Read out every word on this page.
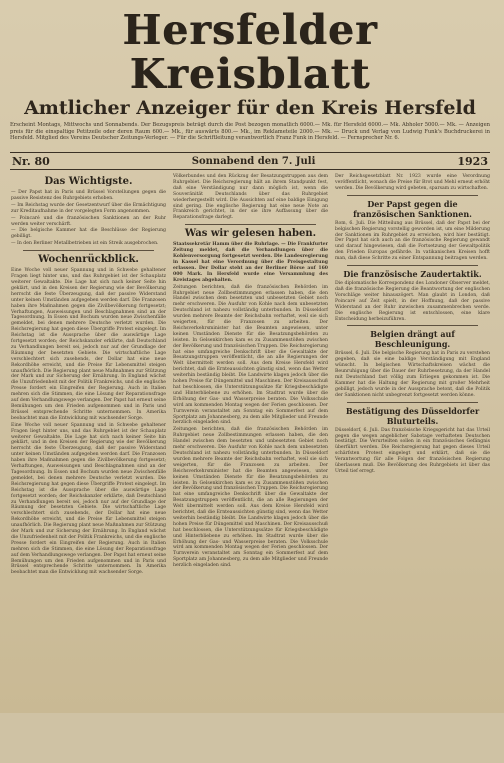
Hersfelder Kreisblatt
Amtlicher Anzeiger für den Kreis Hersfeld
Erscheint Montags, Mittwochs und Sonnabends. Der Bezugspreis beträgt durch die Post bezogen monatlich 6000.— Mk. für Hersfeld 6000.— Mk. Abholer 5000.— Mk. — Anzeigen preis für die einspaltige Petitzeile oder deren Raum 600.— Mk., für auswärts 800.— Mk., im Reklameteile 2000.— Mk. — Druck und Verlag von Ludwig Funk's Buchdruckerei in Hersfeld. Mitglied des Vereins Deutscher Zeitungs-Verleger. — Für die Schriftleitung verantwortlich Franz Funk in Hersfeld. — Fernsprecher Nr. 6.
Nr. 80	Sonnabend den 7. Juli	1923
Das Wichtigste.

— Der Papst hat in Paris und Brüssel Vorstellungen gegen die passive Resistenz des Ruhrgebiets erhoben.

— Im Reichstag wurde der Gesetzentwurf über die Ermächtigung zur Kreditaufnahme in der vorgelegten Form angenommen.

— Poincaré und die französischen Sanktionen an der Ruhr werden weiter verschärft.

— Die belgische Kammer hat die Beschlüsse der Regierung gebilligt.

— In den Berliner Metallbetrieben ist ein Streik ausgebrochen.

Wochenrückblick.

Eine Woche voll neuer Spannung und in Schwebe gehaltener Fragen liegt hinter uns, und das Ruhrgebiet ist der Schauplatz weiterer Gewaltakte. Die Lage hat sich nach keiner Seite hin geklärt, und in den Kreisen der Regierung wie der Bevölkerung herrscht die feste Überzeugung, daß der passive Widerstand unter keinen Umständen aufgegeben werden darf. Die Franzosen haben ihre Maßnahmen gegen die Zivilbevölkerung fortgesetzt; Verhaftungen, Ausweisungen und Beschlagnahmen sind an der Tagesordnung. In Essen und Bochum wurden neue Zwischenfälle gemeldet, bei denen mehrere Deutsche verletzt wurden. Die Reichsregierung hat gegen diese Übergriffe Protest eingelegt. Im Reichstag ist die Aussprache über die auswärtige Lage fortgesetzt worden; der Reichskanzler erklärte, daß Deutschland zu Verhandlungen bereit sei, jedoch nur auf der Grundlage der Räumung der besetzten Gebiete. Die wirtschaftliche Lage verschlechtert sich zusehends, der Dollar hat eine neue Rekordhöhe erreicht, und die Preise für Lebensmittel steigen unaufhörlich. Die Regierung plant neue Maßnahmen zur Stützung der Mark und zur Sicherung der Ernährung. In England wächst die Unzufriedenheit mit der Politik Frankreichs, und die englische Presse fordert ein Eingreifen der Regierung. Auch in Italien mehren sich die Stimmen, die eine Lösung der Reparationsfrage auf dem Verhandlungswege verlangen. Der Papst hat erneut seine Bemühungen um den Frieden aufgenommen und in Paris und Brüssel entsprechende Schritte unternommen. In Amerika beobachtet man die Entwicklung mit wachsender Sorge.

Eine Woche voll neuer Spannung und in Schwebe gehaltener Fragen liegt hinter uns, und das Ruhrgebiet ist der Schauplatz weiterer Gewaltakte. Die Lage hat sich nach keiner Seite hin geklärt, und in den Kreisen der Regierung wie der Bevölkerung herrscht die feste Überzeugung, daß der passive Widerstand unter keinen Umständen aufgegeben werden darf. Die Franzosen haben ihre Maßnahmen gegen die Zivilbevölkerung fortgesetzt; Verhaftungen, Ausweisungen und Beschlagnahmen sind an der Tagesordnung. In Essen und Bochum wurden neue Zwischenfälle gemeldet, bei denen mehrere Deutsche verletzt wurden. Die Reichsregierung hat gegen diese Übergriffe Protest eingelegt. Im Reichstag ist die Aussprache über die auswärtige Lage fortgesetzt worden; der Reichskanzler erklärte, daß Deutschland zu Verhandlungen bereit sei, jedoch nur auf der Grundlage der Räumung der besetzten Gebiete. Die wirtschaftliche Lage verschlechtert sich zusehends, der Dollar hat eine neue Rekordhöhe erreicht, und die Preise für Lebensmittel steigen unaufhörlich. Die Regierung plant neue Maßnahmen zur Stützung der Mark und zur Sicherung der Ernährung. In England wächst die Unzufriedenheit mit der Politik Frankreichs, und die englische Presse fordert ein Eingreifen der Regierung. Auch in Italien mehren sich die Stimmen, die eine Lösung der Reparationsfrage auf dem Verhandlungswege verlangen. Der Papst hat erneut seine Bemühungen um den Frieden aufgenommen und in Paris und Brüssel entsprechende Schritte unternommen. In Amerika beobachtet man die Entwicklung mit wachsender Sorge.

Völkerbundes und den Rückzug der Besatzungstruppen aus dem Ruhrgebiet. Die Reichsregierung hält an ihrem Standpunkt fest, daß eine Verständigung nur dann möglich ist, wenn die Souveränität Deutschlands über das Ruhrgebiet wiederhergestellt wird. Die Aussichten auf eine baldige Einigung sind gering. Die englische Regierung hat eine neue Note an Frankreich gerichtet, in der sie ihre Auffassung über die Reparationsfrage darlegt.

Was wir gelesen haben.

Staatssekretär Hamm über die Ruhrlage. — Die Frankfurter Zeitung meldet, daß die Verhandlungen über die Kohlenversorgung fortgesetzt werden. Die Landesregierung in Kassel hat eine Verordnung über die Preisgestaltung erlassen. Der Dollar steht an der Berliner Börse auf 160 000 Mark. In Hersfeld wurde eine Versammlung des Kreistages abgehalten.

Zeitungen berichten, daß die französischen Behörden im Ruhrgebiet neue Zollbestimmungen erlassen haben, die den Handel zwischen dem besetzten und unbesetzten Gebiet noch mehr erschweren. Die Ausfuhr von Kohle nach dem unbesetzten Deutschland ist nahezu vollständig unterbunden. In Düsseldorf wurden mehrere Beamte der Reichsbahn verhaftet, weil sie sich weigerten, für die Franzosen zu arbeiten. Der Reichsverkehrsminister hat die Beamten angewiesen, unter keinen Umständen Dienste für die Besatzungsbehörden zu leisten. In Gelsenkirchen kam es zu Zusammenstößen zwischen der Bevölkerung und französischen Truppen. Die Reichsregierung hat eine umfangreiche Denkschrift über die Gewaltakte der Besatzungstruppen veröffentlicht, die an alle Regierungen der Welt übermittelt werden soll. Aus dem Kreise Hersfeld wird berichtet, daß die Ernteaussichten günstig sind, wenn das Wetter weiterhin beständig bleibt. Die Landwirte klagen jedoch über die hohen Preise für Düngemittel und Maschinen. Der Kreisausschuß hat beschlossen, die Unterstützungssätze für Kriegsbeschädigte und Hinterbliebene zu erhöhen. Im Stadtrat wurde über die Erhöhung der Gas- und Wasserpreise beraten. Die Volksschule wird am kommenden Montag wegen der Ferien geschlossen. Der Turnverein veranstaltet am Sonntag ein Sommerfest auf dem Sportplatz am Johannesberg, zu dem alle Mitglieder und Freunde herzlich eingeladen sind.

Zeitungen berichten, daß die französischen Behörden im Ruhrgebiet neue Zollbestimmungen erlassen haben, die den Handel zwischen dem besetzten und unbesetzten Gebiet noch mehr erschweren. Die Ausfuhr von Kohle nach dem unbesetzten Deutschland ist nahezu vollständig unterbunden. In Düsseldorf wurden mehrere Beamte der Reichsbahn verhaftet, weil sie sich weigerten, für die Franzosen zu arbeiten. Der Reichsverkehrsminister hat die Beamten angewiesen, unter keinen Umständen Dienste für die Besatzungsbehörden zu leisten. In Gelsenkirchen kam es zu Zusammenstößen zwischen der Bevölkerung und französischen Truppen. Die Reichsregierung hat eine umfangreiche Denkschrift über die Gewaltakte der Besatzungstruppen veröffentlicht, die an alle Regierungen der Welt übermittelt werden soll. Aus dem Kreise Hersfeld wird berichtet, daß die Ernteaussichten günstig sind, wenn das Wetter weiterhin beständig bleibt. Die Landwirte klagen jedoch über die hohen Preise für Düngemittel und Maschinen. Der Kreisausschuß hat beschlossen, die Unterstützungssätze für Kriegsbeschädigte und Hinterbliebene zu erhöhen. Im Stadtrat wurde über die Erhöhung der Gas- und Wasserpreise beraten. Die Volksschule wird am kommenden Montag wegen der Ferien geschlossen. Der Turnverein veranstaltet am Sonntag ein Sommerfest auf dem Sportplatz am Johannesberg, zu dem alle Mitglieder und Freunde herzlich eingeladen sind.

Der Reichsgesetzblatt Nr. 1923 wurde eine Verordnung veröffentlicht, wonach die Preise für Brot und Mehl erneut erhöht werden. Die Bevölkerung wird gebeten, sparsam zu wirtschaften.

Der Papst gegen die französischen Sanktionen.

Rom, 6. Juli. Die Mitteilung aus Brüssel, daß der Papst bei der belgischen Regierung vorstellig geworden ist, um eine Milderung der Sanktionen im Ruhrgebiet zu erreichen, wird hier bestätigt. Der Papst hat sich auch an die französische Regierung gewandt und darauf hingewiesen, daß die Fortsetzung der Gewaltpolitik den Frieden Europas gefährde. In vatikanischen Kreisen hofft man, daß diese Schritte zu einer Entspannung beitragen werden.

Die französische Zaudertaktik.

Die diplomatische Korrespondenz des Londoner Observer meldet, daß die französische Regierung die Beantwortung der englischen Vorschläge weiter hinauszögert. Man glaubt in London, daß Poincaré auf Zeit spielt, in der Hoffnung, daß der passive Widerstand an der Ruhr inzwischen zusammenbrechen werde. Die englische Regierung ist entschlossen, eine klare Entscheidung herbeizuführen.

Belgien drängt auf Beschleunigung.

Brüssel, 6. Juli. Die belgische Regierung hat in Paris zu verstehen gegeben, daß sie eine baldige Verständigung mit England wünscht. In belgischen Wirtschaftskreisen wächst die Beunruhigung über die Dauer der Ruhrbesetzung, da der Handel mit Deutschland fast völlig zum Erliegen gekommen ist. Die Kammer hat die Haltung der Regierung mit großer Mehrheit gebilligt, jedoch wurde in der Aussprache betont, daß die Politik der Sanktionen nicht unbegrenzt fortgesetzt werden könne.

Bestätigung des Düsseldorfer Bluturteils.

Düsseldorf, 6. Juli. Das französische Kriegsgericht hat das Urteil gegen die wegen angeblicher Sabotage verhafteten Deutschen bestätigt. Die Verurteilten sollen in ein französisches Gefängnis überführt werden. Die Reichsregierung hat gegen dieses Urteil schärfsten Protest eingelegt und erklärt, daß sie die Verantwortung für alle Folgen der französischen Regierung überlassen muß. Die Bevölkerung des Ruhrgebiets ist über das Urteil tief erregt.
